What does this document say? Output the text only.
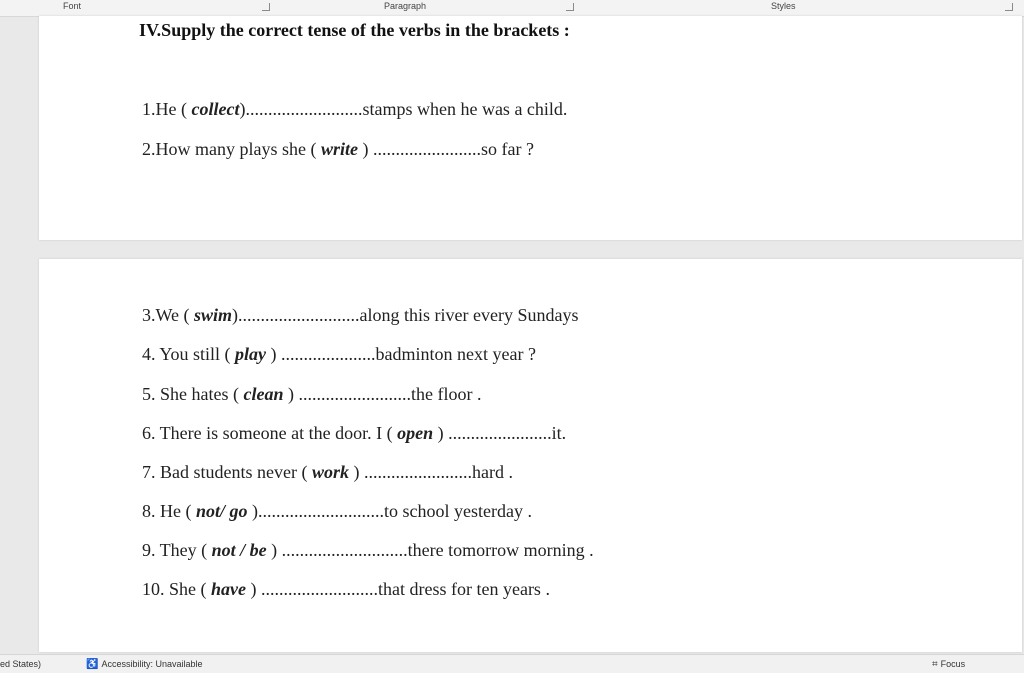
Font	Paragraph	Styles
IV.Supply the correct tense of the verbs in the brackets :
1.He ( collect)..........................stamps when he was a child.
2.How many plays she ( write ) ........................so far ?
3.We ( swim)...........................along this river every Sundays
4. You still ( play ) .....................badminton next year ?
5. She hates ( clean ) .........................the floor .
6. There is someone at the door. I ( open ) .......................it.
7. Bad students never ( work ) ........................hard .
8. He ( not/ go )............................to school yesterday .
9. They ( not / be ) ............................there tomorrow morning .
10. She ( have ) ..........................that dress for ten years .
ed States)	♿ Accessibility: Unavailable	⌗ Focus
